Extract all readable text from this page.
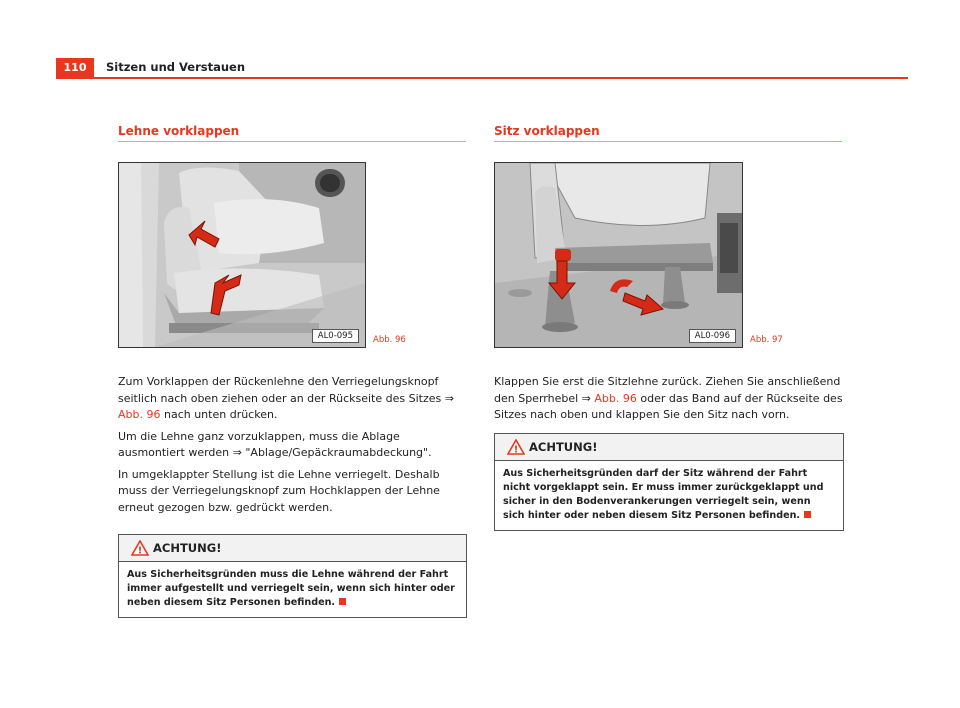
110	Sitzen und Verstauen
Lehne vorklappen
AL0-095	Abb. 96

Zum Vorklappen der Rückenlehne den Verriegelungsknopf seitlich nach oben ziehen oder an der Rückseite des Sitzes ⇒ Abb. 96 nach unten drücken.

Um die Lehne ganz vorzuklappen, muss die Ablage ausmontiert werden ⇒ "Ablage/Gepäckraumabdeckung".

In umgeklappter Stellung ist die Lehne verriegelt. Deshalb muss der Verriegelungsknopf zum Hochklappen der Lehne erneut gezogen bzw. gedrückt werden.

! ACHTUNG!
Aus Sicherheitsgründen muss die Lehne während der Fahrt immer aufgestellt und verriegelt sein, wenn sich hinter oder neben diesem Sitz Personen befinden.
Sitz vorklappen
AL0-096	Abb. 97

Klappen Sie erst die Sitzlehne zurück. Ziehen Sie anschließend den Sperrhebel ⇒ Abb. 96 oder das Band auf der Rückseite des Sitzes nach oben und klappen Sie den Sitz nach vorn.

! ACHTUNG!
Aus Sicherheitsgründen darf der Sitz während der Fahrt nicht vorgeklappt sein. Er muss immer zurückgeklappt und sicher in den Bodenverankerungen verriegelt sein, wenn sich hinter oder neben diesem Sitz Personen befinden.
